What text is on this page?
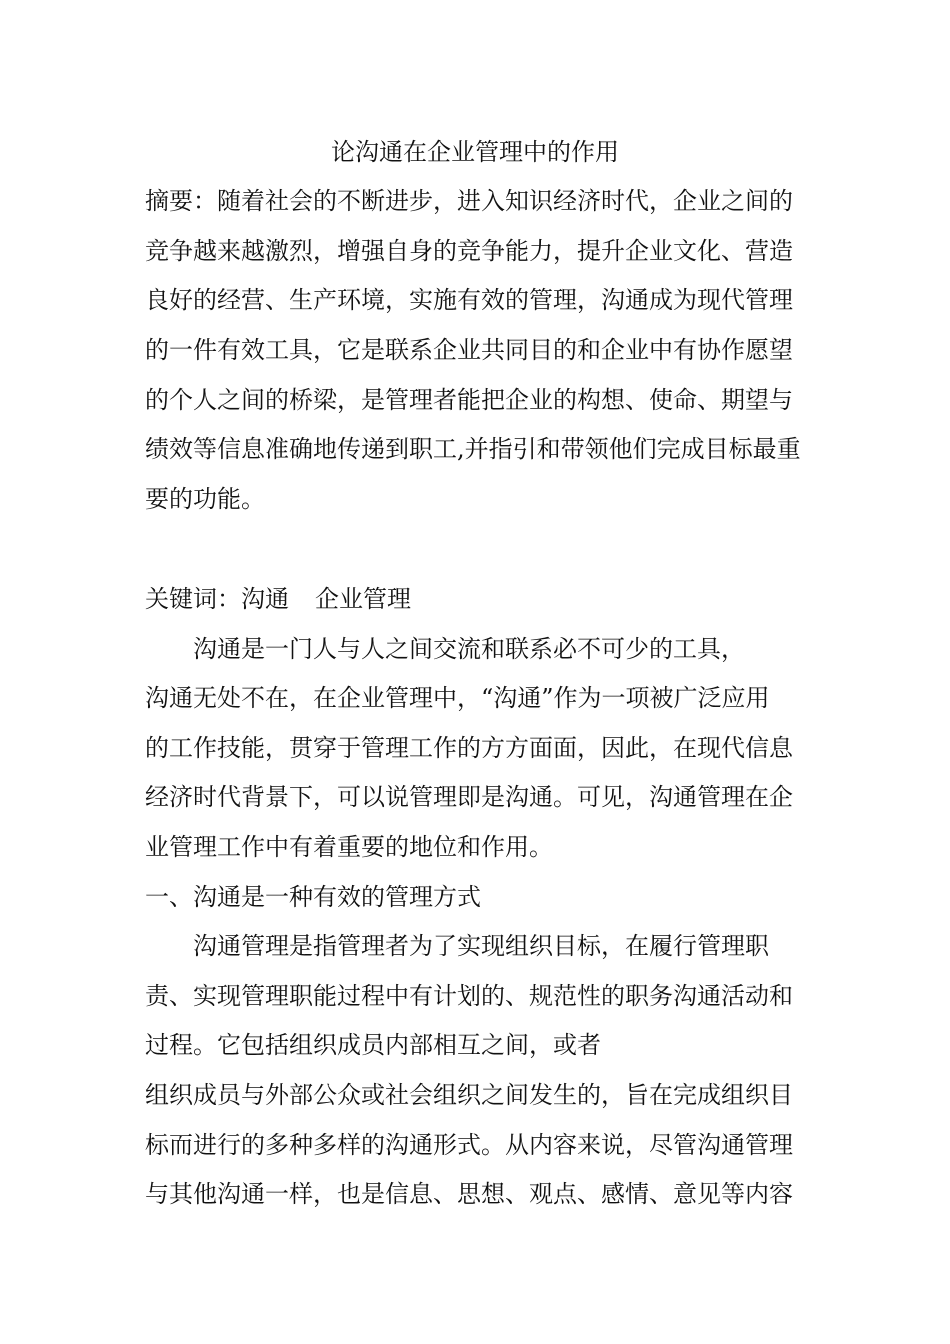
论沟通在企业管理中的作用
摘要：随着社会的不断进步，进入知识经济时代，企业之间的
竞争越来越激烈，增强自身的竞争能力，提升企业文化、营造
良好的经营、生产环境，实施有效的管理，沟通成为现代管理
的一件有效工具，它是联系企业共同目的和企业中有协作愿望
的个人之间的桥梁，是管理者能把企业的构想、使命、期望与
绩效等信息准确地传递到职工,并指引和带领他们完成目标最重
要的功能。
关键词：沟通 企业管理
沟通是一门人与人之间交流和联系必不可少的工具，
沟通无处不在，在企业管理中，“沟通”作为一项被广泛应用
的工作技能，贯穿于管理工作的方方面面，因此，在现代信息
经济时代背景下，可以说管理即是沟通。可见，沟通管理在企
业管理工作中有着重要的地位和作用。
一、沟通是一种有效的管理方式
沟通管理是指管理者为了实现组织目标，在履行管理职
责、实现管理职能过程中有计划的、规范性的职务沟通活动和
过程。它包括组织成员内部相互之间，或者
组织成员与外部公众或社会组织之间发生的，旨在完成组织目
标而进行的多种多样的沟通形式。从内容来说，尽管沟通管理
与其他沟通一样，也是信息、思想、观点、感情、意见等内容
